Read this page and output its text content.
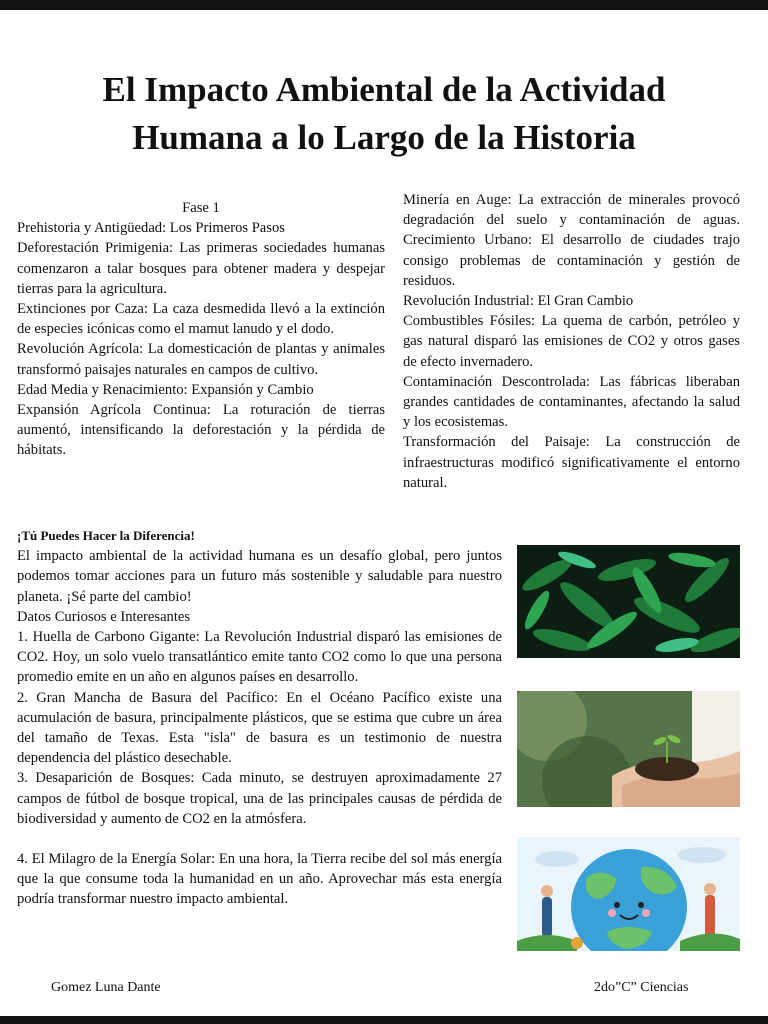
El Impacto Ambiental de la Actividad
Humana a lo Largo de la Historia

Fase 1

Prehistoria y Antigüedad: Los Primeros Pasos

Deforestación Primigenia: Las primeras sociedades humanas comenzaron a talar bosques para obtener madera y despejar tierras para la agricultura.

Extinciones por Caza: La caza desmedida llevó a la extinción de especies icónicas como el mamut lanudo y el dodo.

Revolución Agrícola: La domesticación de plantas y animales transformó paisajes naturales en campos de cultivo.

Edad Media y Renacimiento: Expansión y Cambio

Expansión Agrícola Continua: La roturación de tierras aumentó, intensificando la deforestación y la pérdida de hábitats.

Minería en Auge: La extracción de minerales provocó degradación del suelo y contaminación de aguas. Crecimiento Urbano: El desarrollo de ciudades trajo consigo problemas de contaminación y gestión de residuos.

Revolución Industrial: El Gran Cambio

Combustibles Fósiles: La quema de carbón, petróleo y gas natural disparó las emisiones de CO2 y otros gases de efecto invernadero.

Contaminación Descontrolada: Las fábricas liberaban grandes cantidades de contaminantes, afectando la salud y los ecosistemas.

Transformación del Paisaje: La construcción de infraestructuras modificó significativamente el entorno natural.

¡Tú Puedes Hacer la Diferencia!

El impacto ambiental de la actividad humana es un desafío global, pero juntos podemos tomar acciones para un futuro más sostenible y saludable para nuestro planeta. ¡Sé parte del cambio!

Datos Curiosos e Interesantes

1. Huella de Carbono Gigante: La Revolución Industrial disparó las emisiones de CO2. Hoy, un solo vuelo transatlántico emite tanto CO2 como lo que una persona promedio emite en un año en algunos países en desarrollo.

2. Gran Mancha de Basura del Pacífico: En el Océano Pacífico existe una acumulación de basura, principalmente plásticos, que se estima que cubre un área del tamaño de Texas. Esta "isla" de basura es un testimonio de nuestra dependencia del plástico desechable.

3. Desaparición de Bosques: Cada minuto, se destruyen aproximadamente 27 campos de fútbol de bosque tropical, una de las principales causas de pérdida de biodiversidad y aumento de CO2 en la atmósfera.

4. El Milagro de la Energía Solar: En una hora, la Tierra recibe del sol más energía que la que consume toda la humanidad en un año. Aprovechar más esta energía podría transformar nuestro impacto ambiental.

Gomez Luna Dante	2do”C” Ciencias
